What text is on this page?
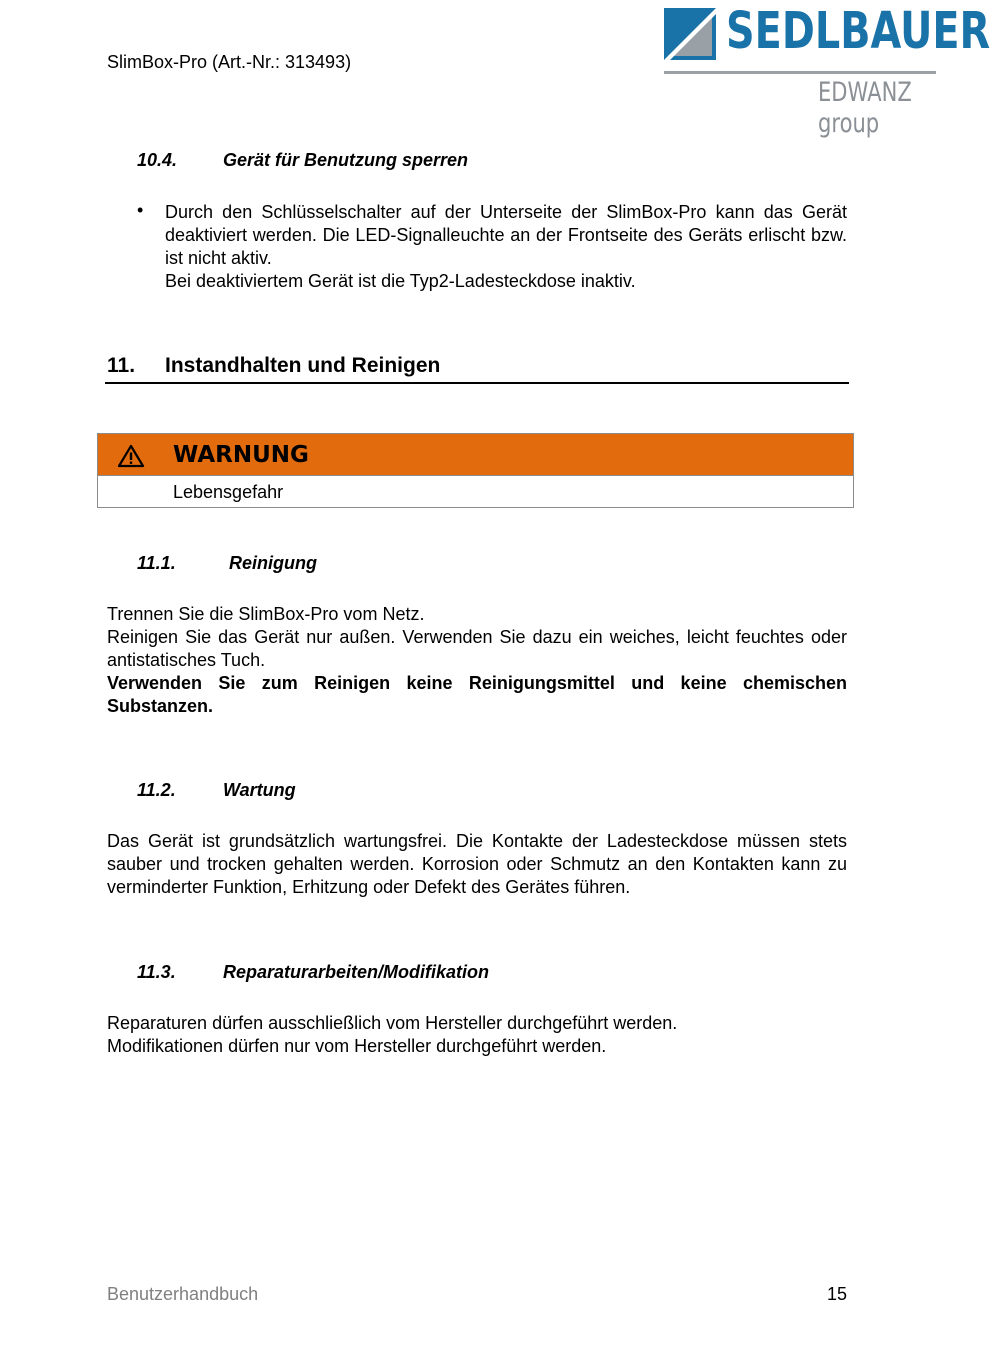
SlimBox-Pro (Art.-Nr.: 313493)
SEDLBAUER
EDWANZ group
10.4.	Gerät für Benutzung sperren
• Durch den Schlüsselschalter auf der Unterseite der SlimBox-Pro kann das Gerät deaktiviert werden. Die LED-Signalleuchte an der Frontseite des Geräts erlischt bzw. ist nicht aktiv.
Bei deaktiviertem Gerät ist die Typ2-Ladesteckdose inaktiv.
11. Instandhalten und Reinigen
WARNUNG
Lebensgefahr
11.1.	Reinigung
Trennen Sie die SlimBox-Pro vom Netz.
Reinigen Sie das Gerät nur außen. Verwenden Sie dazu ein weiches, leicht feuchtes oder antistatisches Tuch.
Verwenden Sie zum Reinigen keine Reinigungsmittel und keine chemischen Substanzen.
11.2.	Wartung
Das Gerät ist grundsätzlich wartungsfrei. Die Kontakte der Ladesteckdose müssen stets sauber und trocken gehalten werden. Korrosion oder Schmutz an den Kontakten kann zu verminderter Funktion, Erhitzung oder Defekt des Gerätes führen.
11.3.	Reparaturarbeiten/Modifikation
Reparaturen dürfen ausschließlich vom Hersteller durchgeführt werden.
Modifikationen dürfen nur vom Hersteller durchgeführt werden.
Benutzerhandbuch	15
